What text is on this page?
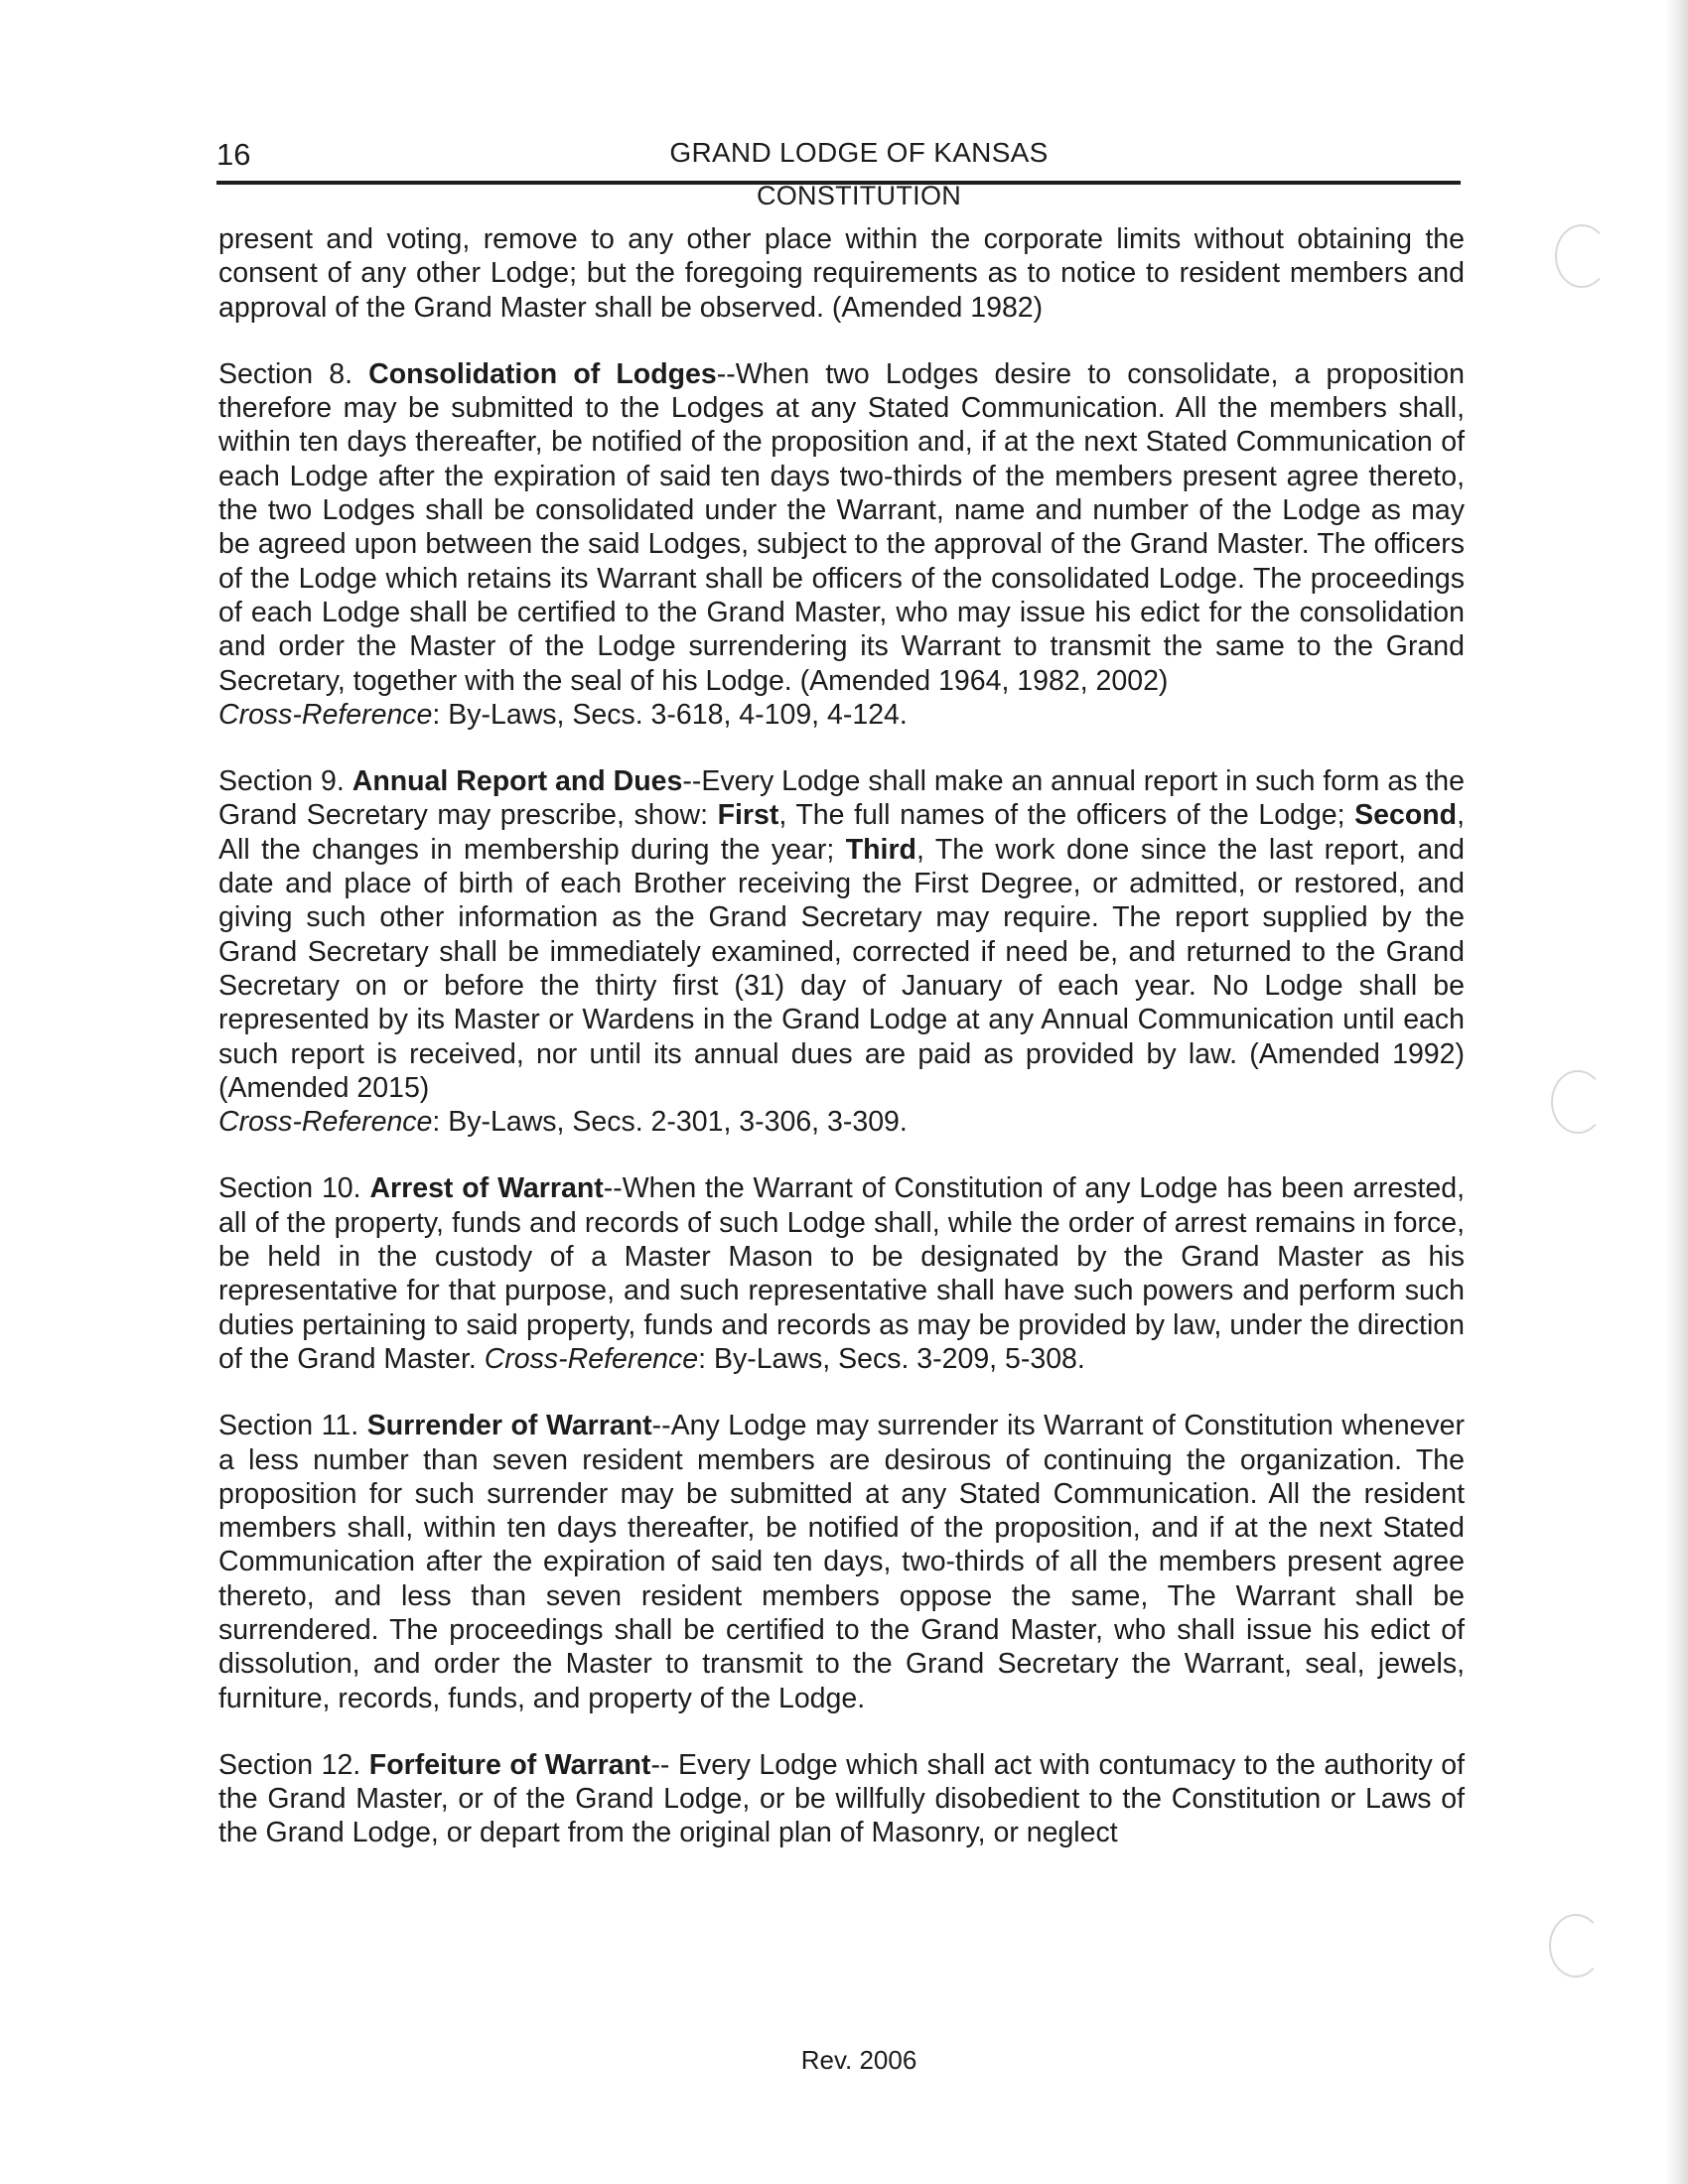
16	GRAND LODGE OF KANSAS
CONSTITUTION

present and voting, remove to any other place within the corporate limits without obtaining the consent of any other Lodge; but the foregoing requirements as to notice to resident members and approval of the Grand Master shall be observed. (Amended 1982)

Section 8. Consolidation of Lodges--When two Lodges desire to consolidate, a proposition therefore may be submitted to the Lodges at any Stated Communication. All the members shall, within ten days thereafter, be notified of the proposition and, if at the next Stated Communication of each Lodge after the expiration of said ten days two-thirds of the members present agree thereto, the two Lodges shall be consolidated under the Warrant, name and number of the Lodge as may be agreed upon between the said Lodges, subject to the approval of the Grand Master. The officers of the Lodge which retains its Warrant shall be officers of the consolidated Lodge. The proceedings of each Lodge shall be certified to the Grand Master, who may issue his edict for the consolidation and order the Master of the Lodge surrendering its Warrant to transmit the same to the Grand Secretary, together with the seal of his Lodge. (Amended 1964, 1982, 2002)
Cross-Reference: By-Laws, Secs. 3-618, 4-109, 4-124.

Section 9. Annual Report and Dues--Every Lodge shall make an annual report in such form as the Grand Secretary may prescribe, show: First, The full names of the officers of the Lodge; Second, All the changes in membership during the year; Third, The work done since the last report, and date and place of birth of each Brother receiving the First Degree, or admitted, or restored, and giving such other information as the Grand Secretary may require. The report supplied by the Grand Secretary shall be immediately examined, corrected if need be, and returned to the Grand Secretary on or before the thirty first (31) day of January of each year. No Lodge shall be represented by its Master or Wardens in the Grand Lodge at any Annual Communication until each such report is received, nor until its annual dues are paid as provided by law. (Amended 1992) (Amended 2015)
Cross-Reference: By-Laws, Secs. 2-301, 3-306, 3-309.

Section 10. Arrest of Warrant--When the Warrant of Constitution of any Lodge has been arrested, all of the property, funds and records of such Lodge shall, while the order of arrest remains in force, be held in the custody of a Master Mason to be designated by the Grand Master as his representative for that purpose, and such representative shall have such powers and perform such duties pertaining to said property, funds and records as may be provided by law, under the direction of the Grand Master. Cross-Reference: By-Laws, Secs. 3-209, 5-308.

Section 11. Surrender of Warrant--Any Lodge may surrender its Warrant of Constitution whenever a less number than seven resident members are desirous of continuing the organization. The proposition for such surrender may be submitted at any Stated Communication. All the resident members shall, within ten days thereafter, be notified of the proposition, and if at the next Stated Communication after the expiration of said ten days, two-thirds of all the members present agree thereto, and less than seven resident members oppose the same, The Warrant shall be surrendered. The proceedings shall be certified to the Grand Master, who shall issue his edict of dissolution, and order the Master to transmit to the Grand Secretary the Warrant, seal, jewels, furniture, records, funds, and property of the Lodge.

Section 12. Forfeiture of Warrant-- Every Lodge which shall act with contumacy to the authority of the Grand Master, or of the Grand Lodge, or be willfully disobedient to the Constitution or Laws of the Grand Lodge, or depart from the original plan of Masonry, or neglect

Rev. 2006
